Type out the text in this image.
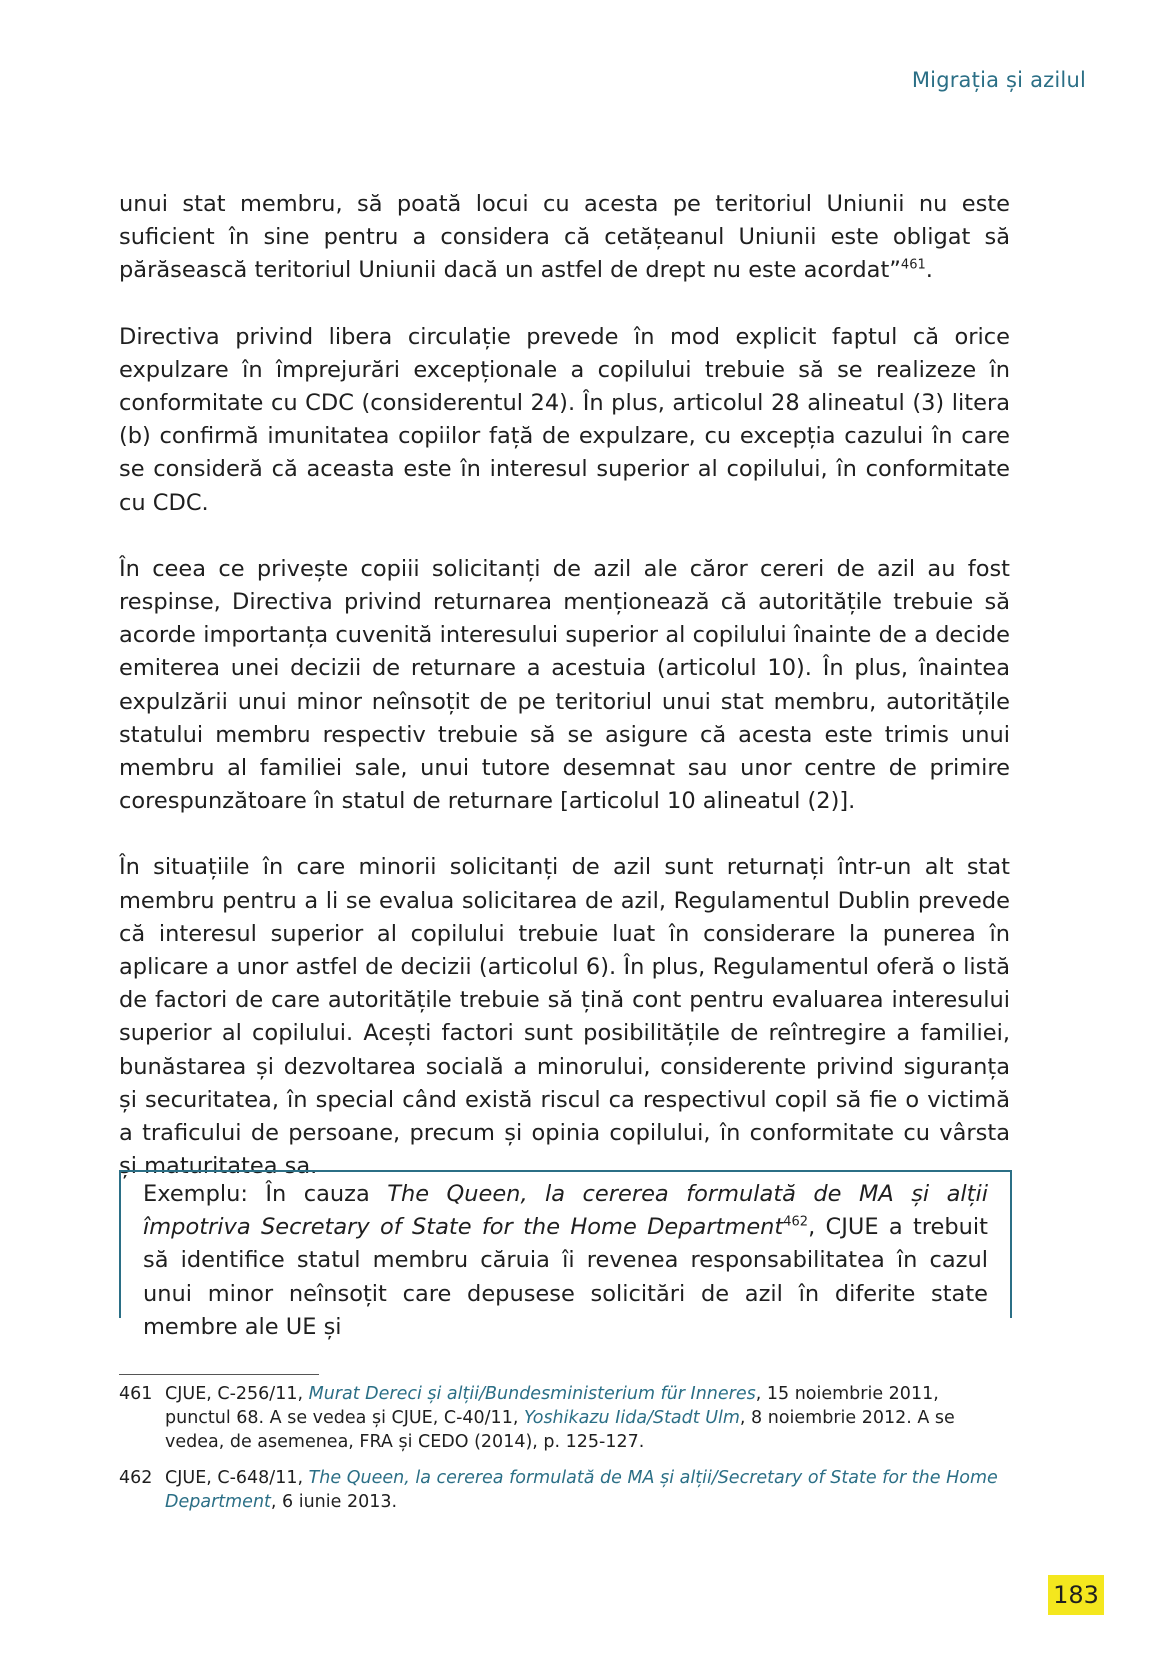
Migrația și azilul

unui stat membru, să poată locui cu acesta pe teritoriul Uniunii nu este suficient în sine pentru a considera că cetățeanul Uniunii este obligat să părăsească teritoriul Uniunii dacă un astfel de drept nu este acordat”$^{461}$.

Directiva privind libera circulație prevede în mod explicit faptul că orice expulzare în împrejurări excepționale a copilului trebuie să se realizeze în conformitate cu CDC (considerentul 24). În plus, articolul 28 alineatul (3) litera (b) confirmă imunitatea copiilor față de expulzare, cu excepția cazului în care se consideră că aceasta este în interesul superior al copilului, în conformitate cu CDC.

În ceea ce privește copiii solicitanți de azil ale căror cereri de azil au fost respinse, Directiva privind returnarea menționează că autoritățile trebuie să acorde importanța cuvenită interesului superior al copilului înainte de a decide emiterea unei decizii de returnare a acestuia (articolul 10). În plus, înaintea expulzării unui minor neînsoțit de pe teritoriul unui stat membru, autoritățile statului membru respectiv trebuie să se asigure că acesta este trimis unui membru al familiei sale, unui tutore desemnat sau unor centre de primire corespunzătoare în statul de returnare [articolul 10 alineatul (2)].

În situațiile în care minorii solicitanți de azil sunt returnați într-un alt stat membru pentru a li se evalua solicitarea de azil, Regulamentul Dublin prevede că interesul superior al copilului trebuie luat în considerare la punerea în aplicare a unor astfel de decizii (articolul 6). În plus, Regulamentul oferă o listă de factori de care autoritățile trebuie să țină cont pentru evaluarea interesului superior al copilului. Acești factori sunt posibilitățile de reîntregire a familiei, bunăstarea și dezvoltarea socială a minorului, considerente privind siguranța și securitatea, în special când există riscul ca respectivul copil să fie o victimă a traficului de persoane, precum și opinia copilului, în conformitate cu vârsta și maturitatea sa.

Exemplu: În cauza The Queen, la cererea formulată de MA și alții împotriva Secretary of State for the Home Department$^{462}$, CJUE a trebuit să identifice statul membru căruia îi revenea responsabilitatea în cazul unui minor neînsoțit care depusese solicitări de azil în diferite state membre ale UE și

461 CJUE, C-256/11, Murat Dereci și alții/Bundesministerium für Inneres, 15 noiembrie 2011, punctul 68. A se vedea și CJUE, C-40/11, Yoshikazu Iida/Stadt Ulm, 8 noiembrie 2012. A se vedea, de asemenea, FRA și CEDO (2014), p. 125-127.
462 CJUE, C-648/11, The Queen, la cererea formulată de MA și alții/Secretary of State for the Home Department, 6 iunie 2013.
183
